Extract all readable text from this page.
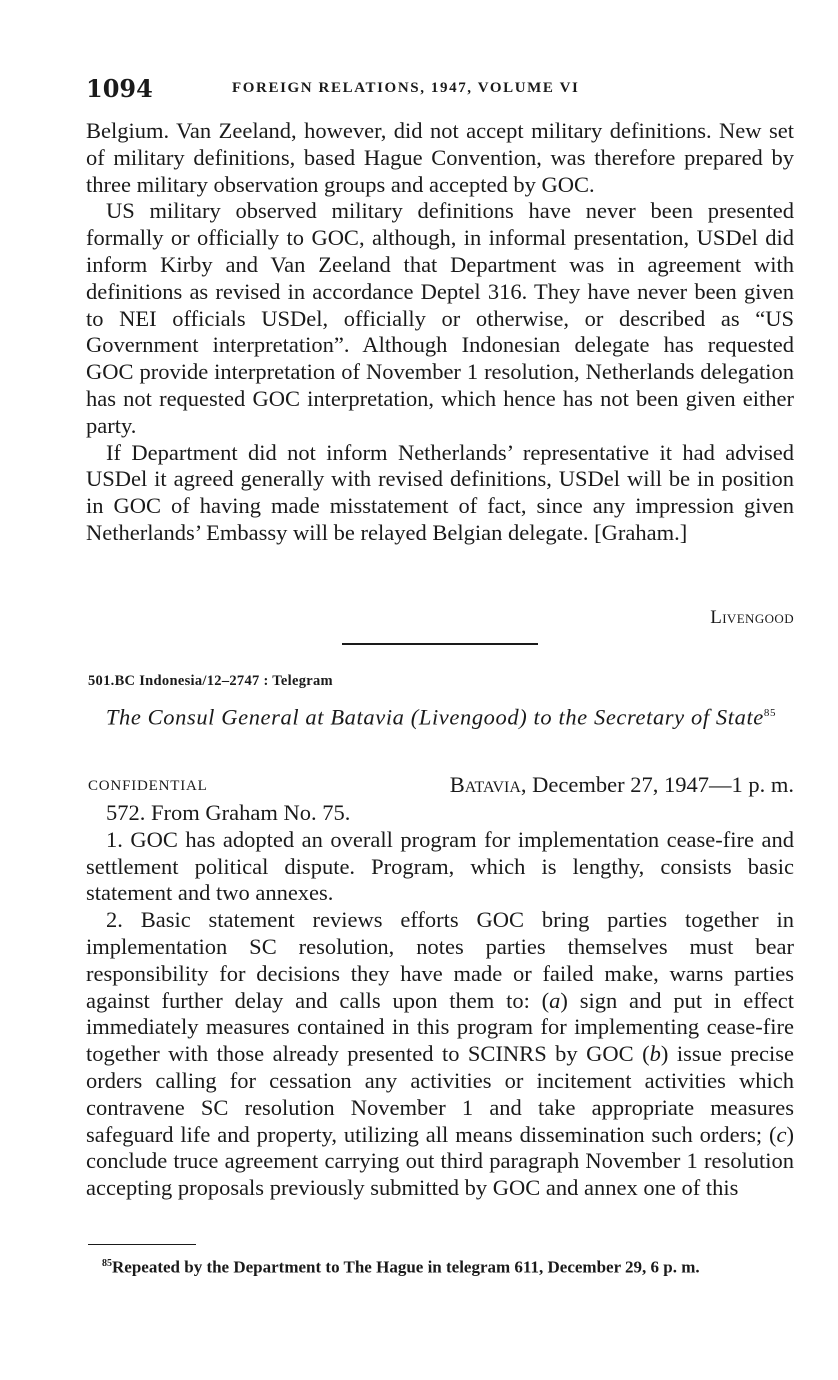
1094	FOREIGN RELATIONS, 1947, VOLUME VI

Belgium. Van Zeeland, however, did not accept military definitions. New set of military definitions, based Hague Convention, was therefore prepared by three military observation groups and accepted by GOC.

US military observed military definitions have never been presented formally or officially to GOC, although, in informal presentation, USDel did inform Kirby and Van Zeeland that Department was in agreement with definitions as revised in accordance Deptel 316. They have never been given to NEI officials USDel, officially or otherwise, or described as “US Government interpretation”. Although Indonesian delegate has requested GOC provide interpretation of November 1 resolution, Netherlands delegation has not requested GOC interpretation, which hence has not been given either party.

If Department did not inform Netherlands’ representative it had advised USDel it agreed generally with revised definitions, USDel will be in position in GOC of having made misstatement of fact, since any impression given Netherlands’ Embassy will be relayed Belgian delegate. [Graham.]

Livengood
501.BC Indonesia/12–2747 : Telegram
The Consul General at Batavia (Livengood) to the Secretary of State$^{85}$
CONFIDENTIAL	Batavia, December 27, 1947—1 p. m.

572. From Graham No. 75.

1. GOC has adopted an overall program for implementation cease-fire and settlement political dispute. Program, which is lengthy, consists basic statement and two annexes.

2. Basic statement reviews efforts GOC bring parties together in implementation SC resolution, notes parties themselves must bear responsibility for decisions they have made or failed make, warns parties against further delay and calls upon them to: (a) sign and put in effect immediately measures contained in this program for implementing cease-fire together with those already presented to SCINRS by GOC (b) issue precise orders calling for cessation any activities or incitement activities which contravene SC resolution November 1 and take appropriate measures safeguard life and property, utilizing all means dissemination such orders; (c) conclude truce agreement carrying out third paragraph November 1 resolution accepting proposals previously submitted by GOC and annex one of this

$^{85}$Repeated by the Department to The Hague in telegram 611, December 29, 6 p. m.
